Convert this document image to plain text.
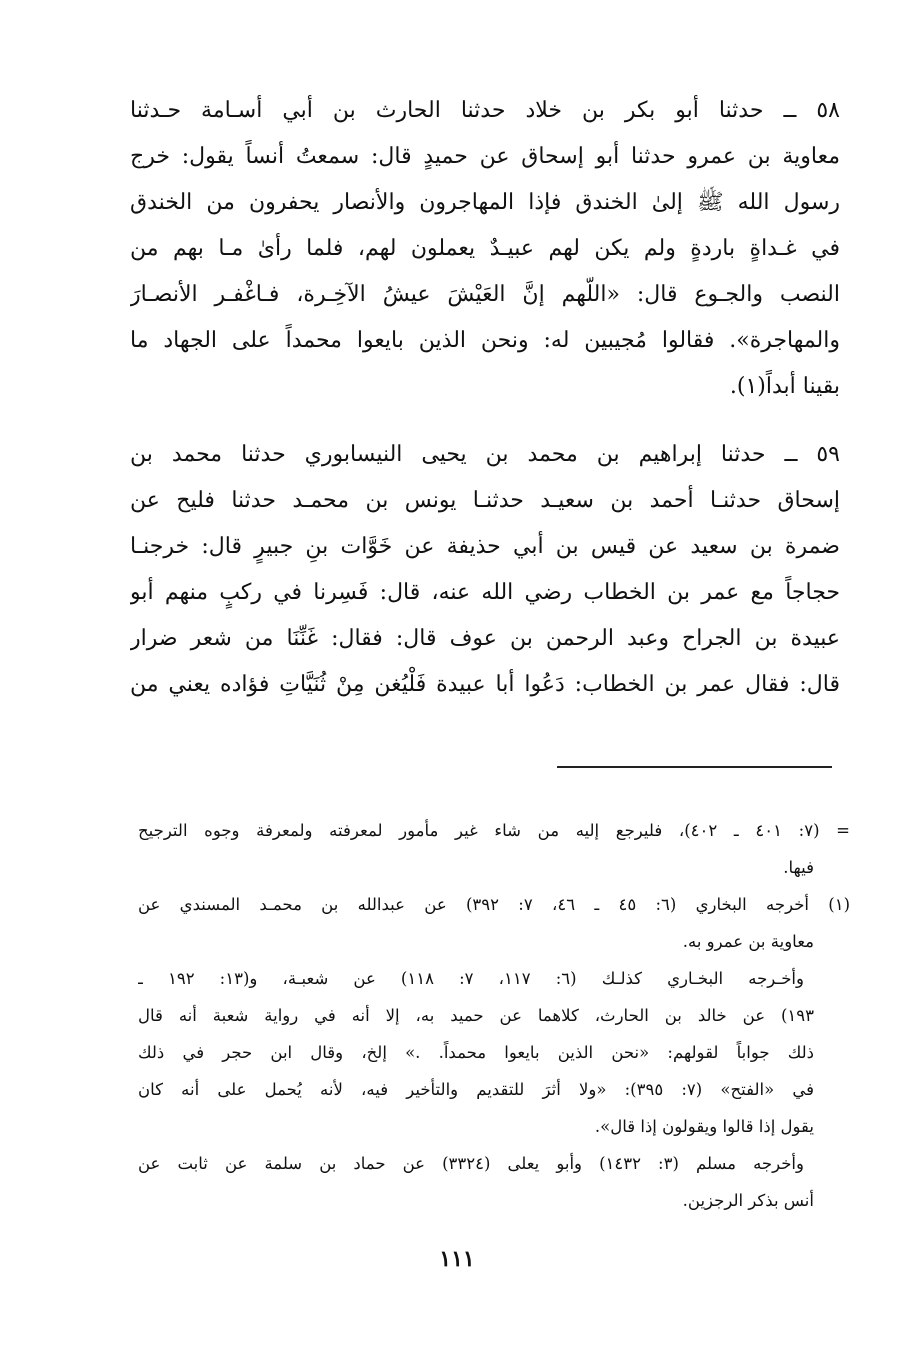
٥٨ ــ حدثنا أبو بكر بن خلاد حدثنا الحارث بن أبي أسـامة حـدثنا
معاوية بن عمرو حدثنا أبو إسحاق عن حميدٍ قال: سمعتُ أنساً يقول: خرج
رسول الله ﷺ إلىٰ الخندق فإذا المهاجرون والأنصار يحفرون من الخندق
في غـداةٍ باردةٍ ولم يكن لهم عبيـدٌ يعملون لهم، فلما رأىٰ مـا بهم من
النصب والجـوع قال: «اللّهم إنَّ العَيْشَ عيشُ الآخِـرة، فـاغْفـر الأنصـارَ
والمهاجرة». فقالوا مُجيبين له: ونحن الذين بايعوا محمداً على الجهاد ما
بقينا أبداً(١).
٥٩ ــ حدثنا إبراهيم بن محمد بن يحيى النيسابوري حدثنا محمد بن
إسحاق حدثنـا أحمد بن سعيـد حدثنـا يونس بن محمـد حدثنا فليح عن
ضمرة بن سعيد عن قيس بن أبي حذيفة عن خَوَّات بنِ جبيرٍ قال: خرجنـا
حجاجاً مع عمر بن الخطاب رضي الله عنه، قال: فَسِرنا في ركبٍ منهم أبو
عبيدة بن الجراح وعبد الرحمن بن عوف قال: فقال: غَنِّنَا من شعر ضرار
قال: فقال عمر بن الخطاب: دَعُوا أبا عبيدة فَلْيُغن مِنْ ثُنَيَّاتِ فؤاده يعني من
= (٧: ٤٠١ ـ ٤٠٢)، فليرجع إليه من شاء غير مأمور لمعرفته ولمعرفة وجوه الترجيح
فيها.
(١) أخرجه البخاري (٦: ٤٥ ـ ٤٦، ٧: ٣٩٢) عن عبدالله بن محمـد المسندي عن
معاوية بن عمرو به.
وأخـرجه البخـاري كذلـك (٦: ١١٧، ٧: ١١٨) عن شعبـة، و(١٣: ١٩٢ ـ
١٩٣) عن خالد بن الحارث، كلاهما عن حميد به، إلا أنه في رواية شعبة أنه قال
ذلك جواباً لقولهم: «نحن الذين بايعوا محمداً. .» إلخ، وقال ابن حجر في ذلك
في «الفتح» (٧: ٣٩٥): «ولا أثرَ للتقديم والتأخير فيه، لأنه يُحمل على أنه كان
يقول إذا قالوا ويقولون إذا قال».
وأخرجه مسلم (٣: ١٤٣٢) وأبو يعلى (٣٣٢٤) عن حماد بن سلمة عن ثابت عن
أنس بذكر الرجزين.
١١١
